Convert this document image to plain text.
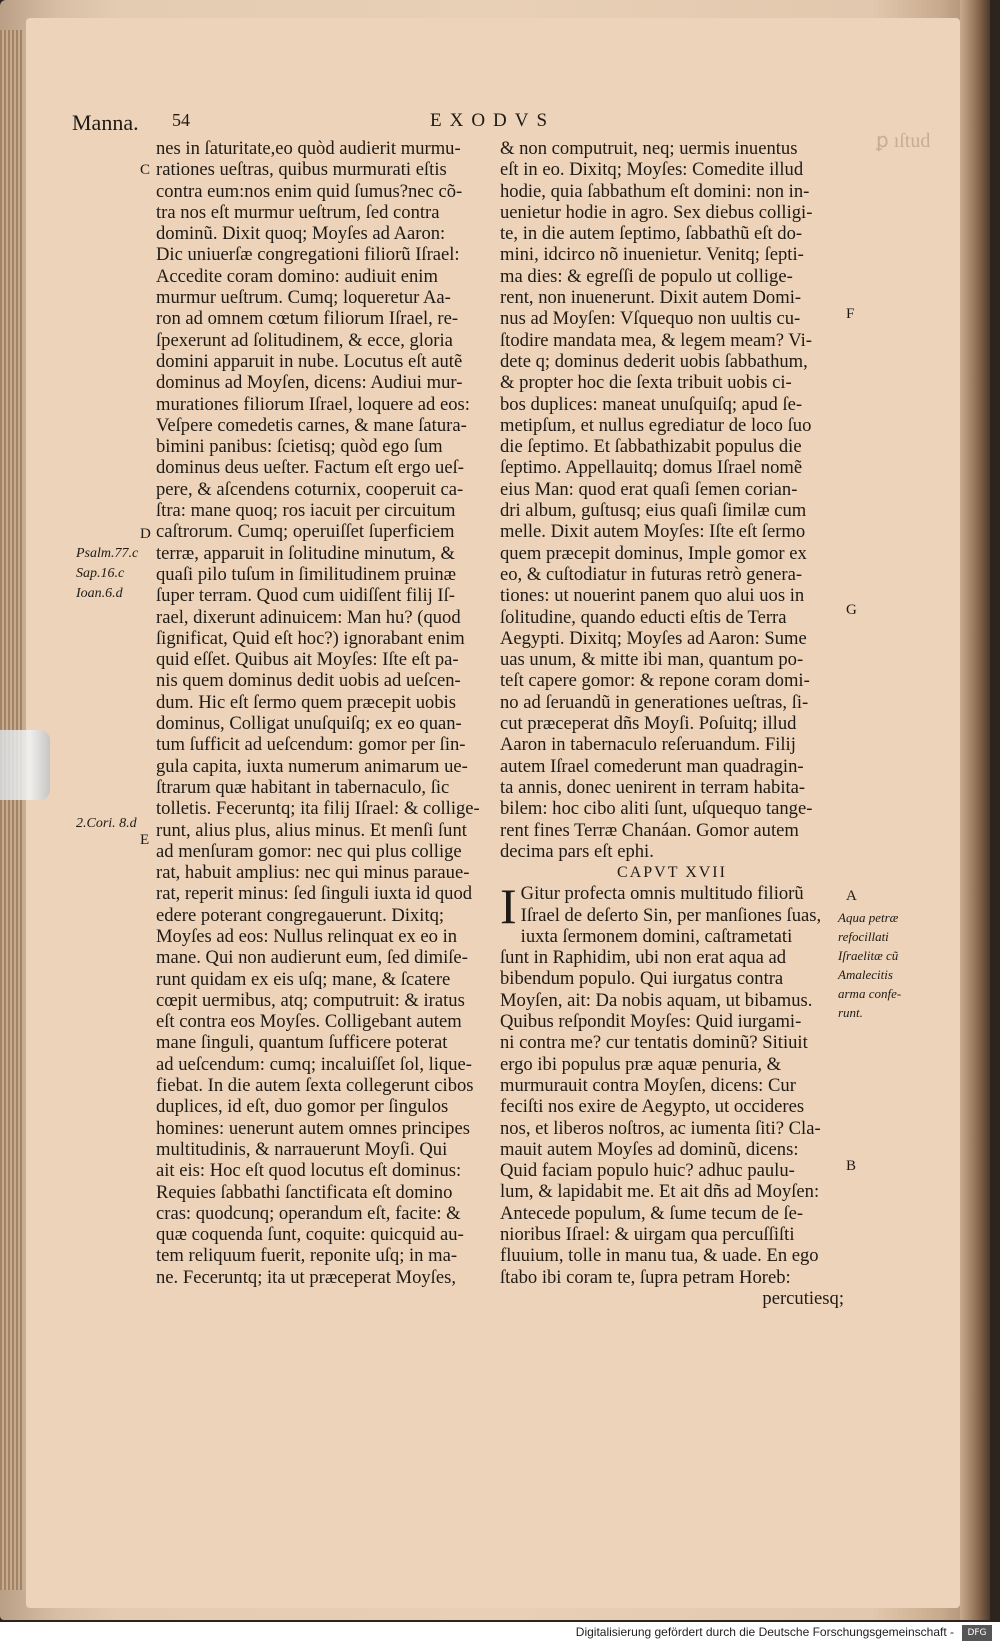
ꝑ ıſtud
Manna. 54	EXODVS
C
D
E
Psalm.77.c
Sap.16.c
Ioan.6.d
2.Cori. 8.d
nes in ſaturitate,eo quòd audierit murmu-
rationes ueſtras, quibus murmurati eſtis
contra eum:nos enim quid ſumus?nec cõ-
tra nos eſt murmur ueſtrum, ſed contra
dominũ. Dixit quoq; Moyſes ad Aaron:
Dic uniuerſæ congregationi filiorũ Iſrael:
Accedite coram domino: audiuit enim
murmur ueſtrum. Cumq; loqueretur Aa-
ron ad omnem cœtum filiorum Iſrael, re-
ſpexerunt ad ſolitudinem, & ecce, gloria
domini apparuit in nube. Locutus eſt autẽ
dominus ad Moyſen, dicens: Audiui mur-
murationes filiorum Iſrael, loquere ad eos:
Veſpere comedetis carnes, & mane ſatura-
bimini panibus: ſcietisq; quòd ego ſum
dominus deus ueſter. Factum eſt ergo ueſ-
pere, & aſcendens coturnix, cooperuit ca-
ſtra: mane quoq; ros iacuit per circuitum
caſtrorum. Cumq; operuiſſet ſuperficiem
terræ, apparuit in ſolitudine minutum, &
quaſi pilo tuſum in ſimilitudinem pruinæ
ſuper terram. Quod cum uidiſſent filij Iſ-
rael, dixerunt adinuicem: Man hu? (quod
ſignificat, Quid eſt hoc?) ignorabant enim
quid eſſet. Quibus ait Moyſes: Iſte eſt pa-
nis quem dominus dedit uobis ad ueſcen-
dum. Hic eſt ſermo quem præcepit uobis
dominus, Colligat unuſquiſq; ex eo quan-
tum ſufficit ad ueſcendum: gomor per ſin-
gula capita, iuxta numerum animarum ue-
ſtrarum quæ habitant in tabernaculo, ſic
tolletis. Feceruntq; ita filij Iſrael: & collige-
runt, alius plus, alius minus. Et menſi ſunt
ad menſuram gomor: nec qui plus collige
rat, habuit amplius: nec qui minus paraue-
rat, reperit minus: ſed ſinguli iuxta id quod
edere poterant congregauerunt. Dixitq;
Moyſes ad eos: Nullus relinquat ex eo in
mane. Qui non audierunt eum, ſed dimiſe-
runt quidam ex eis uſq; mane, & ſcatere
cœpit uermibus, atq; computruit: & iratus
eſt contra eos Moyſes. Colligebant autem
mane ſinguli, quantum ſufficere poterat
ad ueſcendum: cumq; incaluiſſet ſol, lique-
fiebat. In die autem ſexta collegerunt cibos
duplices, id eſt, duo gomor per ſingulos
homines: uenerunt autem omnes principes
multitudinis, & narrauerunt Moyſi. Qui
ait eis: Hoc eſt quod locutus eſt dominus:
Requies ſabbathi ſanctificata eſt domino
cras: quodcunq; operandum eſt, facite: &
quæ coquenda ſunt, coquite: quicquid au-
tem reliquum fuerit, reponite uſq; in ma-
ne. Feceruntq; ita ut præceperat Moyſes,
& non computruit, neq; uermis inuentus
eſt in eo. Dixitq; Moyſes: Comedite illud
hodie, quia ſabbathum eſt domini: non in-
uenietur hodie in agro. Sex diebus colligi-
te, in die autem ſeptimo, ſabbathũ eſt do-
mini, idcirco nõ inuenietur. Venitq; ſepti-
ma dies: & egreſſi de populo ut collige-
rent, non inuenerunt. Dixit autem Domi-
nus ad Moyſen: Vſquequo non uultis cu-
ſtodire mandata mea, & legem meam? Vi-
dete q; dominus dederit uobis ſabbathum,
& propter hoc die ſexta tribuit uobis ci-
bos duplices: maneat unuſquiſq; apud ſe-
metipſum, et nullus egrediatur de loco ſuo
die ſeptimo. Et ſabbathizabit populus die
ſeptimo. Appellauitq; domus Iſrael nomẽ
eius Man: quod erat quaſi ſemen corian-
dri album, guſtusq; eius quaſi ſimilæ cum
melle. Dixit autem Moyſes: Iſte eſt ſermo
quem præcepit dominus, Imple gomor ex
eo, & cuſtodiatur in futuras retrò genera-
tiones: ut nouerint panem quo alui uos in
ſolitudine, quando educti eſtis de Terra
Aegypti. Dixitq; Moyſes ad Aaron: Sume
uas unum, & mitte ibi man, quantum po-
teſt capere gomor: & repone coram domi-
no ad ſeruandũ in generationes ueſtras, ſi-
cut præceperat dñs Moyſi. Poſuitq; illud
Aaron in tabernaculo reſeruandum. Filij
autem Iſrael comederunt man quadragin-
ta annis, donec uenirent in terram habita-
bilem: hoc cibo aliti ſunt, uſquequo tange-
rent fines Terræ Chanáan. Gomor autem
decima pars eſt ephi.
CAPVT XVII
I Gitur profecta omnis multitudo filiorũ
Iſrael de deſerto Sin, per manſiones ſuas,
iuxta ſermonem domini, caſtrametati
ſunt in Raphidim, ubi non erat aqua ad
bibendum populo. Qui iurgatus contra
Moyſen, ait: Da nobis aquam, ut bibamus.
Quibus reſpondit Moyſes: Quid iurgami-
ni contra me? cur tentatis dominũ? Sitiuit
ergo ibi populus præ aquæ penuria, &
murmurauit contra Moyſen, dicens: Cur
feciſti nos exire de Aegypto, ut occideres
nos, et liberos noſtros, ac iumenta ſiti? Cla-
mauit autem Moyſes ad dominũ, dicens:
Quid faciam populo huic? adhuc paulu-
lum, & lapidabit me. Et ait dñs ad Moyſen:
Antecede populum, & ſume tecum de ſe-
nioribus Iſrael: & uirgam qua percuſſiſti
fluuium, tolle in manu tua, & uade. En ego
ſtabo ibi coram te, ſupra petram Horeb:
percutiesq;
F
G
A
B
Aqua petræ
refocillati
Iſraelitæ cũ
Amalecitis
arma confe-
runt.
Digitalisierung gefördert durch die Deutsche Forschungsgemeinschaft -	DFG
